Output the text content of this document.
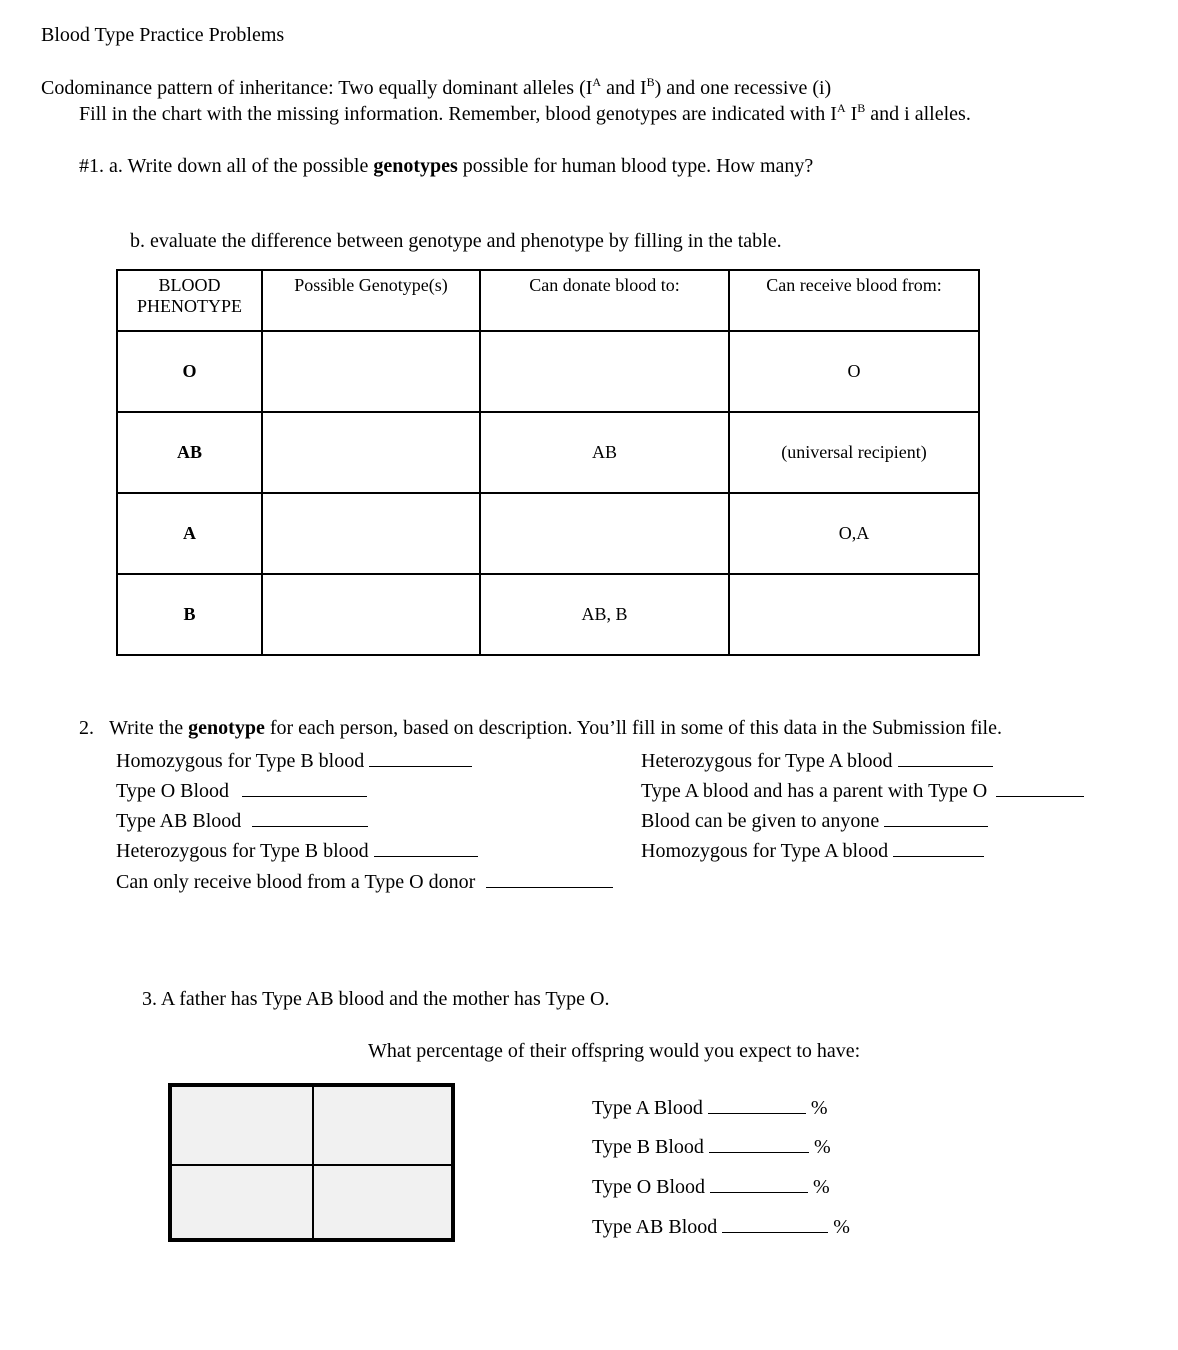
Blood Type Practice Problems
Codominance pattern of inheritance: Two equally dominant alleles ($I^A$ and $I^B$) and one recessive (i)
Fill in the chart with the missing information. Remember, blood genotypes are indicated with $I^A$ $I^B$ and i alleles.
#1. a. Write down all of the possible genotypes possible for human blood type. How many?
b. evaluate the difference between genotype and phenotype by filling in the table.
BLOOD
PHENOTYPE	Possible Genotype(s)	Can donate blood to:	Can receive blood from:
O			O
AB		AB	(universal recipient)
A			O,A
B		AB, B	
2. Write the genotype for each person, based on description. You’ll fill in some of this data in the Submission file.
Homozygous for Type B blood
Type O Blood
Type AB Blood
Heterozygous for Type B blood
Can only receive blood from a Type O donor
Heterozygous for Type A blood
Type A blood and has a parent with Type O
Blood can be given to anyone
Homozygous for Type A blood
3. A father has Type AB blood and the mother has Type O.
What percentage of their offspring would you expect to have:
Type A Blood	%
Type B Blood	%
Type O Blood	%
Type AB Blood	%
